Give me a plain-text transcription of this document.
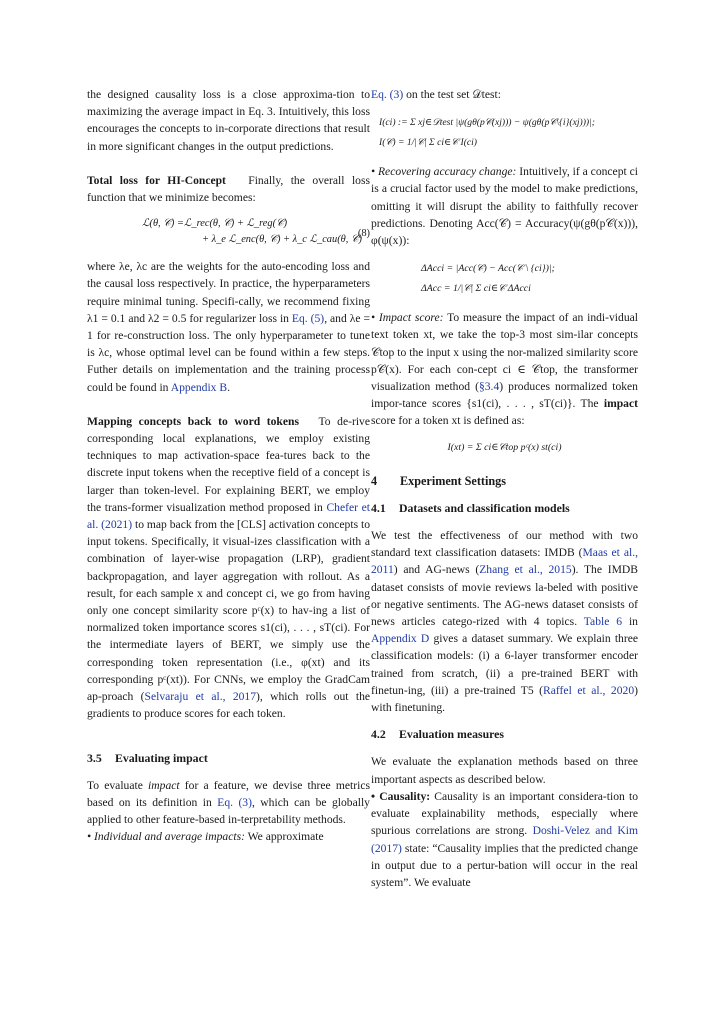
the designed causality loss is a close approxima-tion to maximizing the average impact in Eq. 3. Intuitively, this loss encourages the concepts to in-corporate directions that result in more significant changes in the output predictions.

Total loss for HI-Concept Finally, the overall loss function that we minimize becomes:

ℒ(θ, 𝒞) =ℒ_rec(θ, 𝒞) + ℒ_reg(𝒞)
+ λ_e ℒ_enc(θ, 𝒞) + λ_c ℒ_cau(θ, 𝒞)
(8)

where λe, λc are the weights for the auto-encoding loss and the causal loss respectively. In practice, the hyperparameters require minimal tuning. Specifi-cally, we recommend fixing λ1 = 0.1 and λ2 = 0.5 for regularizer loss in Eq. (5), and λe = 1 for re-construction loss. The only hyperparameter to tune is λc, whose optimal level can be found within a few steps. Futher details on implementation and the training process could be found in Appendix B.

Mapping concepts back to word tokens To de-rive corresponding local explanations, we employ existing techniques to map activation-space fea-tures back to the discrete input tokens when the receptive field of a concept is larger than token-level. For explaining BERT, we employ the trans-former visualization method proposed in Chefer et al. (2021) to map back from the [CLS] activation concepts to input tokens. Specifically, it visual-izes classification with a combination of layer-wise propagation (LRP), gradient backpropagation, and layer aggregation with rollout. As a result, for each sample x and concept ci, we go from having only one concept similarity score pᶜ(x) to hav-ing a list of normalized token importance scores s1(ci), . . . , sT(ci). For the intermediate layers of BERT, we simply use the corresponding token representation (i.e., φ(xt) and its corresponding pᶜ(xt)). For CNNs, we employ the GradCam ap-proach (Selvaraju et al., 2017), which rolls out the gradients to produce scores for each token.

3.5 Evaluating impact

To evaluate impact for a feature, we devise three metrics based on its definition in Eq. (3), which can be globally applied to other feature-based in-terpretability methods.

• Individual and average impacts: We approximate

Eq. (3) on the test set 𝒟test:

I(ci) := Σ xj∈𝒟test |ψ(gθ(p𝒞(xj))) − ψ(gθ(p𝒞\{i}(xj)))|;
I(𝒞) = 1/|𝒞| Σ ci∈𝒞 I(ci)

• Recovering accuracy change: Intuitively, if a concept ci is a crucial factor used by the model to make predictions, omitting it will disrupt the ability to faithfully recover predictions. Denoting Acc(𝒞) = Accuracy(ψ(gθ(p𝒞(x))), φ(ψ(x)):

ΔAcci = |Acc(𝒞) − Acc(𝒞 \ {ci})|;
ΔAcc = 1/|𝒞| Σ ci∈𝒞 ΔAcci

• Impact score: To measure the impact of an indi-vidual text token xt, we take the top-3 most sim-ilar concepts 𝒞top to the input x using the nor-malized similarity score p𝒞(x). For each con-cept ci ∈ 𝒞top, the transformer visualization method (§3.4) produces normalized token impor-tance scores {s1(ci), . . . , sT(ci)}. The impact score for a token xt is defined as:

I(xt) = Σ ci∈𝒞top pᶜ(x) st(ci)

4 Experiment Settings

4.1 Datasets and classification models

We test the effectiveness of our method with two standard text classification datasets: IMDB (Maas et al., 2011) and AG-news (Zhang et al., 2015). The IMDB dataset consists of movie reviews la-beled with positive or negative sentiments. The AG-news dataset consists of news articles catego-rized with 4 topics. Table 6 in Appendix D gives a dataset summary. We explain three classification models: (i) a 6-layer transformer encoder trained from scratch, (ii) a pre-trained BERT with finetun-ing, (iii) a pre-trained T5 (Raffel et al., 2020) with finetuning.

4.2 Evaluation measures

We evaluate the explanation methods based on three important aspects as described below.

• Causality: Causality is an important considera-tion to evaluate explainability methods, especially where spurious correlations are strong. Doshi-Velez and Kim (2017) state: “Causality implies that the predicted change in output due to a pertur-bation will occur in the real system”. We evaluate
